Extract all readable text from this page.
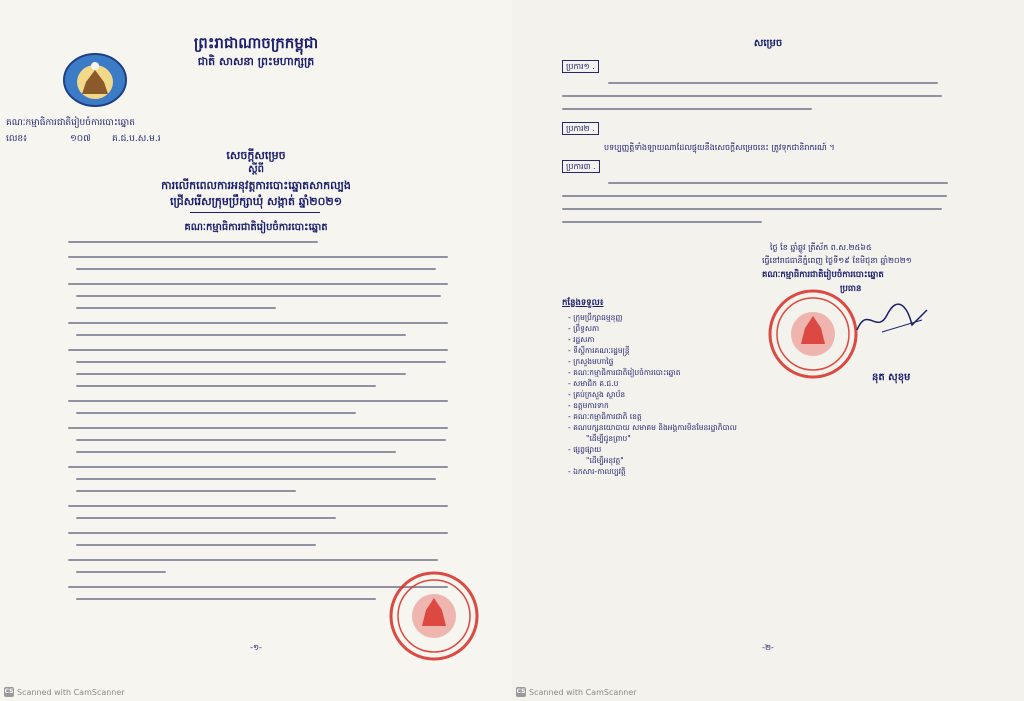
ព្រះរាជាណាចក្រកម្ពុជា
ជាតិ សាសនា ព្រះមហាក្សត្រ
គណៈកម្មាធិការជាតិរៀបចំការបោះឆ្នោត
លេខ៖	១០៧ គ.ជ.ប.ស.ម.រ
សេចក្តីសម្រេច
ស្តីពី
ការលើកពេលការអនុវត្តការបោះឆ្នោតសាកល្បង
ជ្រើសរើសក្រុមប្រឹក្សាឃុំ សង្កាត់ ឆ្នាំ២០២១
គណៈកម្មាធិការជាតិរៀបចំការបោះឆ្នោត
-១-
CS Scanned with CamScanner
សម្រេច
ប្រការ១ .
ប្រការ២ .
បទប្បញ្ញត្តិទាំងឡាយណាដែលផ្ទុយនឹងសេចក្តីសម្រេចនេះ ត្រូវទុកជានិរាករណ៍ ។
ប្រការ៣ .
ថ្ងៃ ខែ ឆ្នាំឆ្លូវ ត្រីស័ក ព.ស.២៥៦៥
ធ្វើនៅរាជធានីភ្នំពេញ ថ្ងៃទី១៩ ខែមិថុនា ឆ្នាំ២០២១
គណៈកម្មាធិការជាតិរៀបចំការបោះឆ្នោត
ប្រធាន
នុត សុខុម
កន្លែងទទួល៖
- ក្រុមប្រឹក្សាធម្មនុញ្ញ
- ព្រឹទ្ធសភា
- រដ្ឋសភា
- ទីស្តីការគណៈរដ្ឋមន្ត្រី
- ក្រសួងមហាផ្ទៃ
- គណៈកម្មាធិការជាតិរៀបចំការបោះឆ្នោត
- សមាជិក គ.ជ.ប
- គ្រប់ក្រសួង ស្ថាប័ន
- ឧត្តមការទាក
- គណៈកម្មាធិការជាតិ ខេត្ត
- គណបក្សនយោបាយ សមាគម និងអង្គការមិនមែនរដ្ឋាភិបាល
"ដើម្បីជូនព្រាប"
- ផ្សព្វផ្សាយ
"ដើម្បីអនុវត្ត"
- ឯកសារ-កាលប្បវត្តិ
-២-
CS Scanned with CamScanner
